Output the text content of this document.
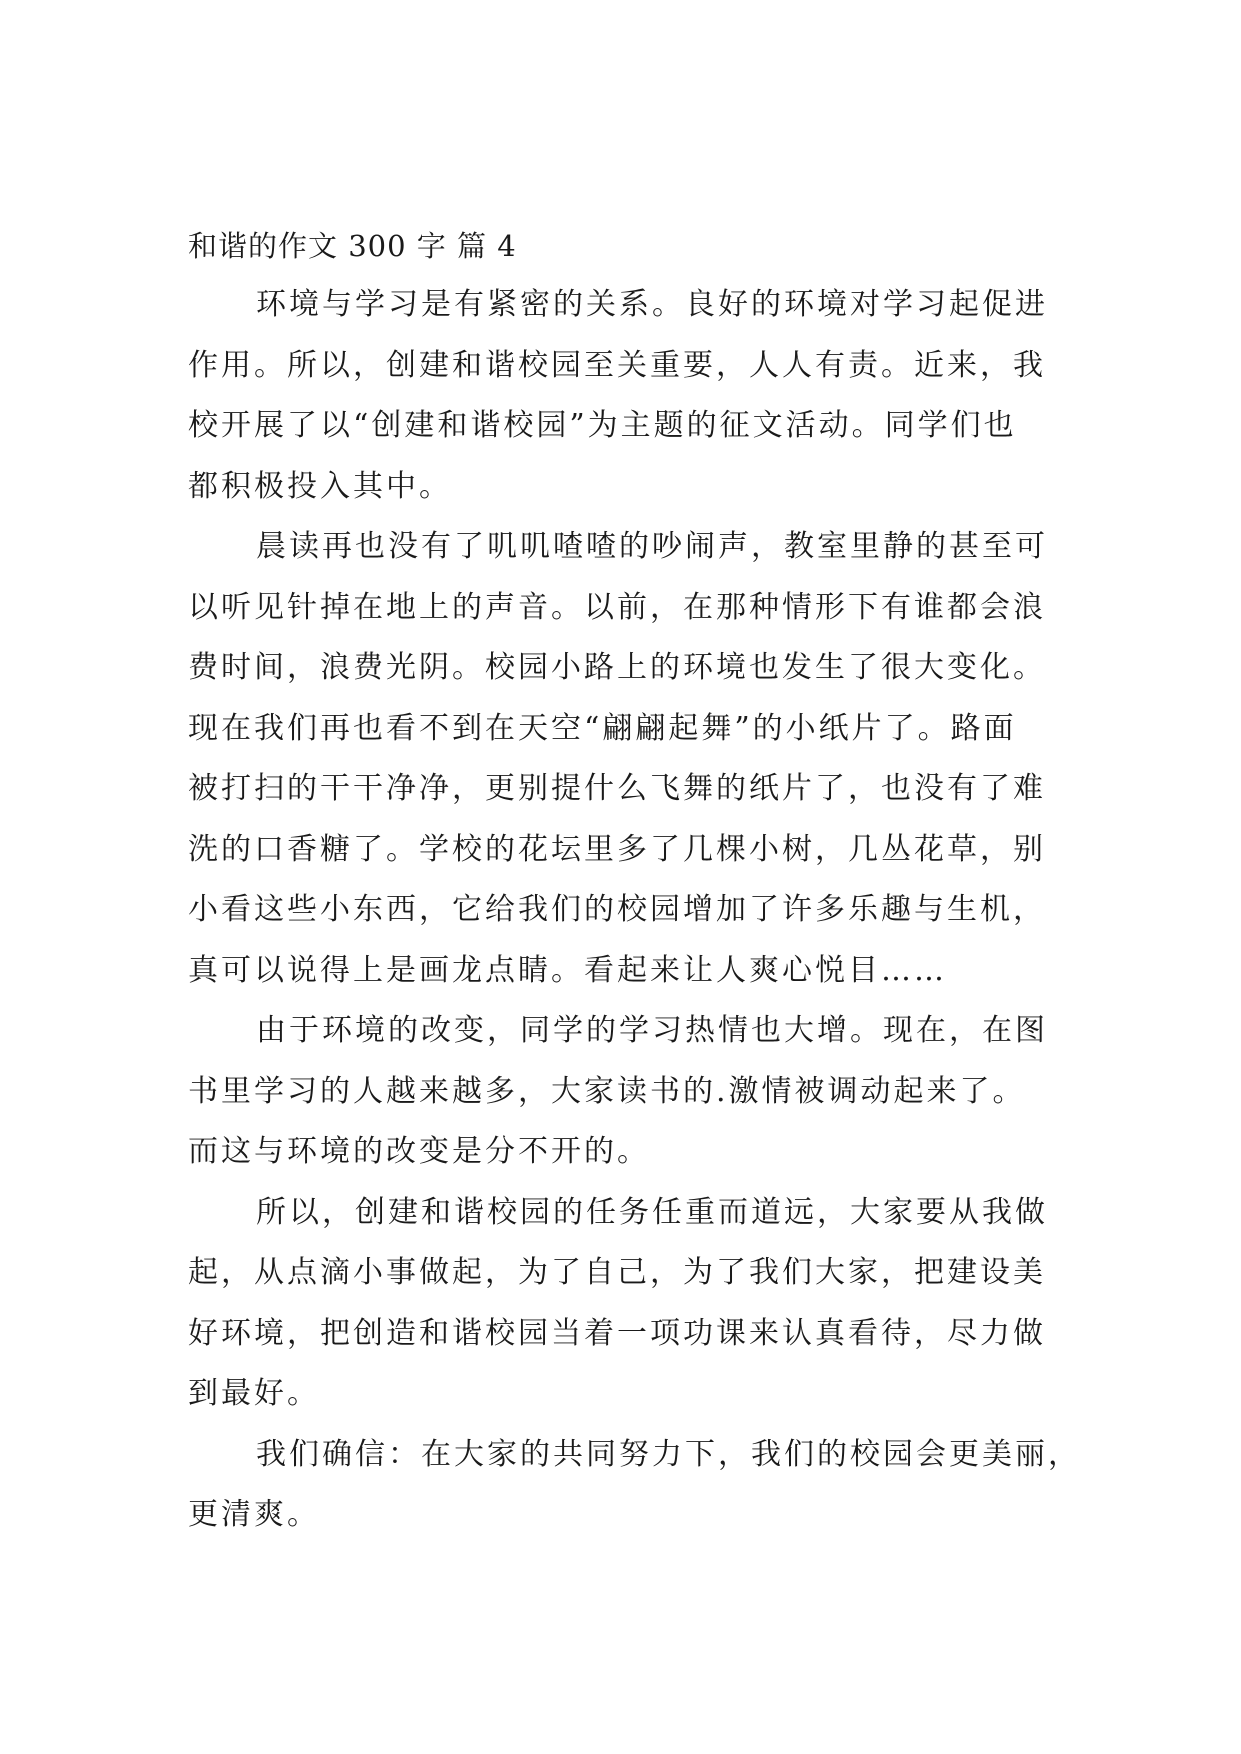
和谐的作文 300 字 篇 4
环境与学习是有紧密的关系。良好的环境对学习起促进
作用。所以，创建和谐校园至关重要，人人有责。近来，我
校开展了以“创建和谐校园”为主题的征文活动。同学们也
都积极投入其中。
晨读再也没有了叽叽喳喳的吵闹声，教室里静的甚至可
以听见针掉在地上的声音。以前，在那种情形下有谁都会浪
费时间，浪费光阴。校园小路上的环境也发生了很大变化。
现在我们再也看不到在天空“翩翩起舞”的小纸片了。路面
被打扫的干干净净，更别提什么飞舞的纸片了，也没有了难
洗的口香糖了。学校的花坛里多了几棵小树，几丛花草，别
小看这些小东西，它给我们的校园增加了许多乐趣与生机，
真可以说得上是画龙点睛。看起来让人爽心悦目……
由于环境的改变，同学的学习热情也大增。现在，在图
书里学习的人越来越多，大家读书的.激情被调动起来了。
而这与环境的改变是分不开的。
所以，创建和谐校园的任务任重而道远，大家要从我做
起，从点滴小事做起，为了自己，为了我们大家，把建设美
好环境，把创造和谐校园当着一项功课来认真看待，尽力做
到最好。
我们确信：在大家的共同努力下，我们的校园会更美丽，
更清爽。
